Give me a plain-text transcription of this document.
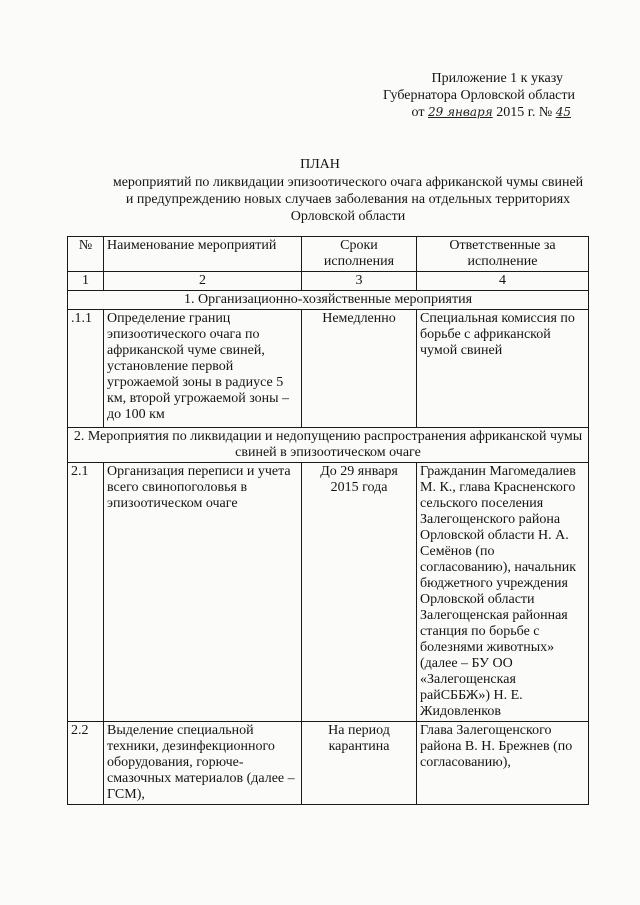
Приложение 1 к указу
Губернатора Орловской области
от 29 января 2015 г. № 45
ПЛАН
мероприятий по ликвидации эпизоотического очага африканской чумы свиней и предупреждению новых случаев заболевания на отдельных территориях Орловской области
№	Наименование мероприятий	Сроки исполнения	Ответственные за исполнение
1	2	3	4
1. Организационно-хозяйственные мероприятия			
.1.1	Определение границ эпизоотического очага по африканской чуме свиней, установление первой угрожаемой зоны в радиусе 5 км, второй угрожаемой зоны – до 100 км	Немедленно	Специальная комиссия по борьбе с африканской чумой свиней
2. Мероприятия по ликвидации и недопущению распространения африканской чумы свиней в эпизоотическом очаге			
2.1	Организация переписи и учета всего свинопоголовья в эпизоотическом очаге	До 29 января 2015 года	Гражданин Магомедалиев М. К., глава Красненского сельского поселения Залегощенского района Орловской области Н. А. Семёнов (по согласованию), начальник бюджетного учреждения Орловской области Залегощенская районная станция по борьбе с болезнями животных» (далее – БУ ОО «Залегощенская райСББЖ») Н. Е. Жидовленков
2.2	Выделение специальной техники, дезинфекционного оборудования, горюче-смазочных материалов (далее – ГСМ),	На период карантина	Глава Залегощенского района В. Н. Брежнев (по согласованию),
